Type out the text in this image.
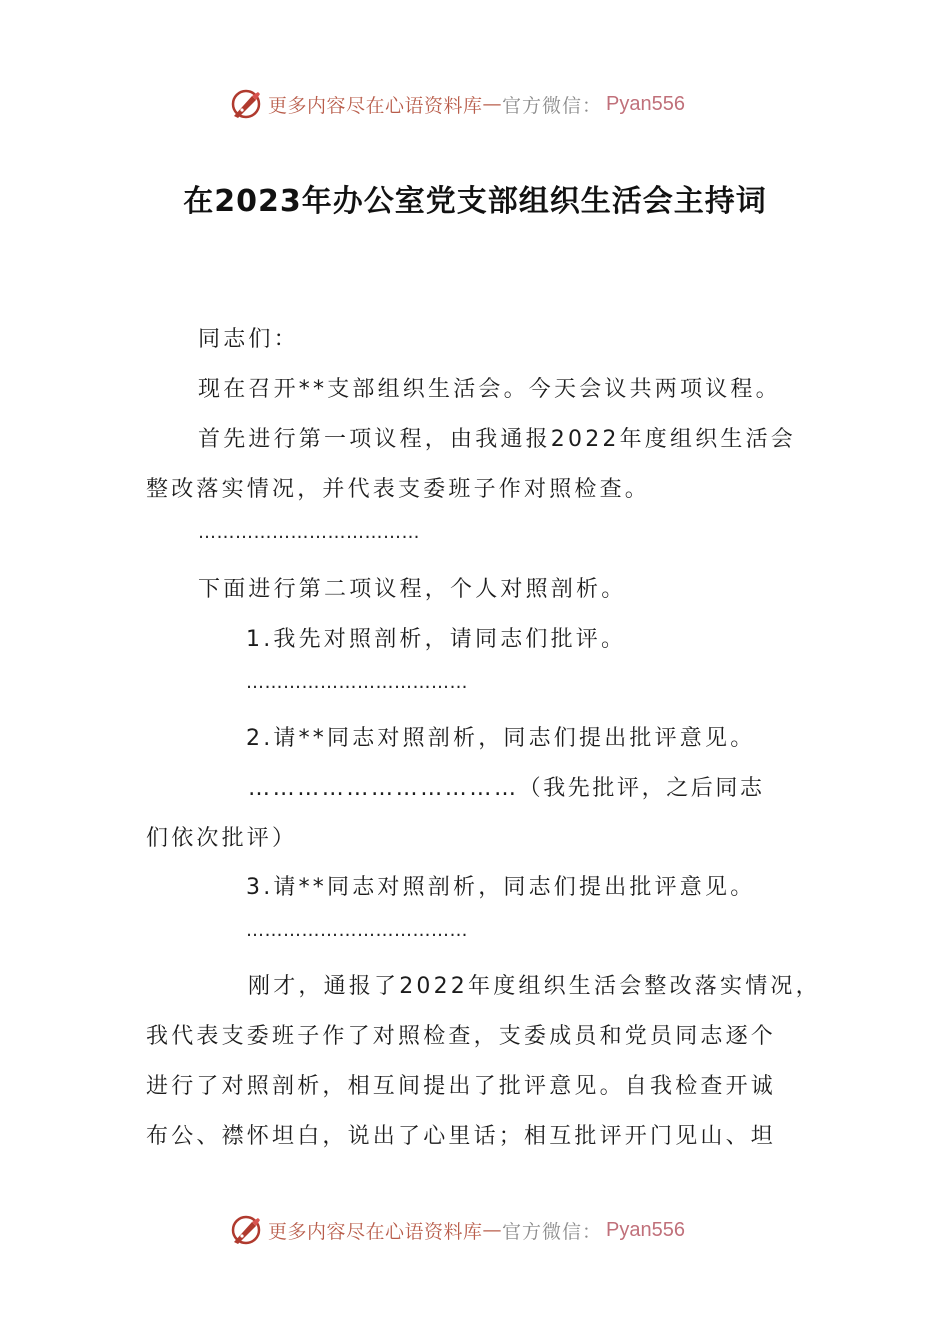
更多内容尽在心语资料库 — 官方微信： Pyan556
在2023年办公室党支部组织生活会主持词
同志们：
现在召开**支部组织生活会。今天会议共两项议程。
首先进行第一项议程，由我通报2022年度组织生活会
整改落实情况，并代表支委班子作对照检查。
………………………………
下面进行第二项议程，个人对照剖析。
1.我先对照剖析，请同志们批评。
………………………………
2.请**同志对照剖析，同志们提出批评意见。
……………………………（我先批评，之后同志
们依次批评）
3.请**同志对照剖析，同志们提出批评意见。
………………………………
刚才，通报了2022年度组织生活会整改落实情况，
我代表支委班子作了对照检查，支委成员和党员同志逐个
进行了对照剖析，相互间提出了批评意见。自我检查开诚
布公、襟怀坦白，说出了心里话；相互批评开门见山、坦
更多内容尽在心语资料库 — 官方微信： Pyan556
